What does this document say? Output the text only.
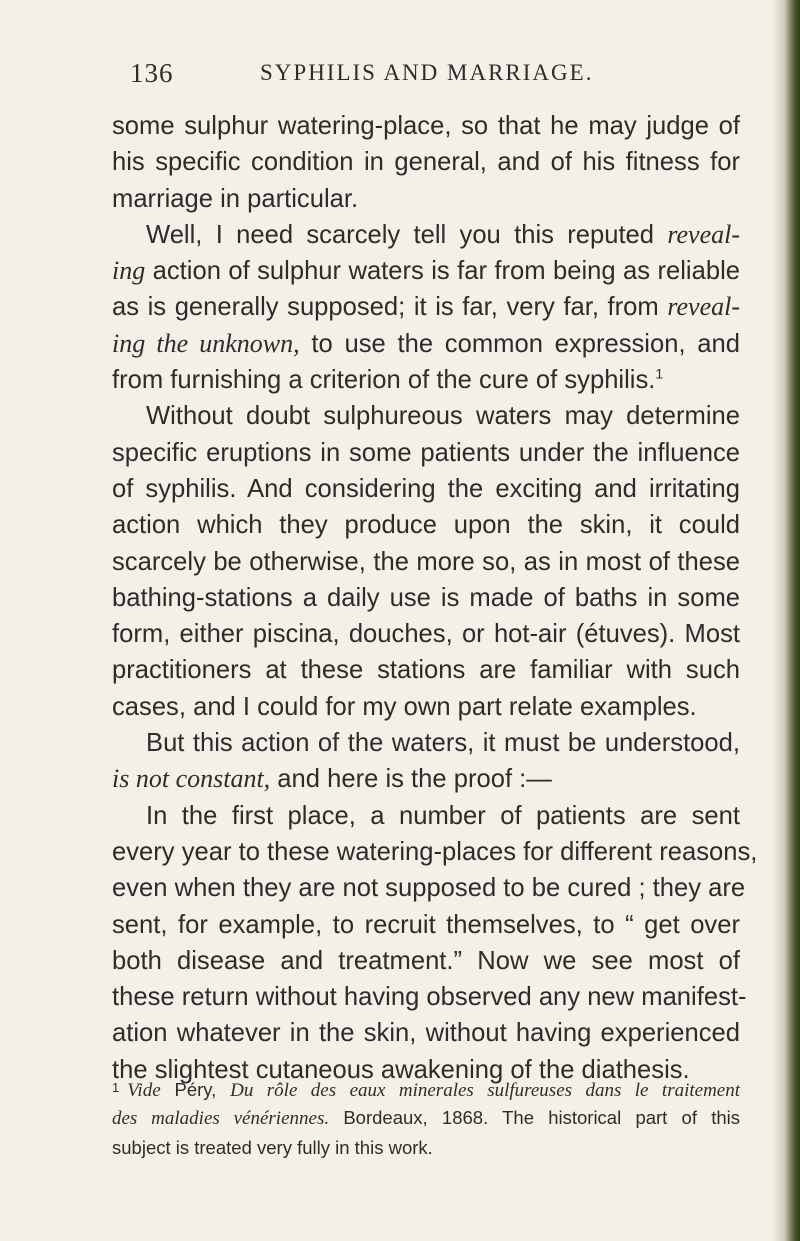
136	SYPHILIS AND MARRIAGE.
some sulphur watering-place, so that he may judge of
his specific condition in general, and of his fitness for
marriage in particular.
Well, I need scarcely tell you this reputed reveal-
ing action of sulphur waters is far from being as reliable
as is generally supposed; it is far, very far, from reveal-
ing the unknown, to use the common expression, and
from furnishing a criterion of the cure of syphilis.$^1$
Without doubt sulphureous waters may determine
specific eruptions in some patients under the influence
of syphilis. And considering the exciting and irritating
action which they produce upon the skin, it could
scarcely be otherwise, the more so, as in most of these
bathing-stations a daily use is made of baths in some
form, either piscina, douches, or hot-air (étuves). Most
practitioners at these stations are familiar with such
cases, and I could for my own part relate examples.
But this action of the waters, it must be understood,
is not constant, and here is the proof :—
In the first place, a number of patients are sent
every year to these watering-places for different reasons,
even when they are not supposed to be cured ; they are
sent, for example, to recruit themselves, to “ get over
both disease and treatment.” Now we see most of
these return without having observed any new manifest-
ation whatever in the skin, without having experienced
the slightest cutaneous awakening of the diathesis.
$^1$ Vide Péry, Du rôle des eaux minerales sulfureuses dans le traitement
des maladies vénériennes. Bordeaux, 1868. The historical part of this
subject is treated very fully in this work.
